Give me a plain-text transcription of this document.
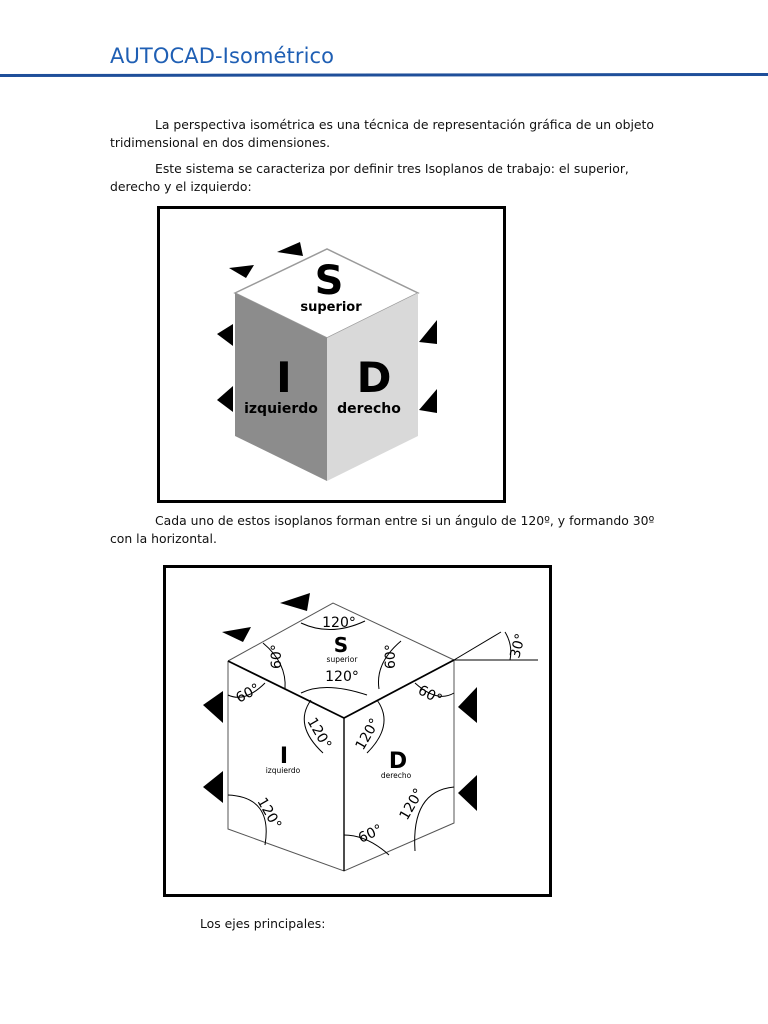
AUTOCAD-Isométrico

La perspectiva isométrica es una técnica de representación gráfica de un objeto tridimensional en dos dimensiones.

Este sistema se caracteriza por definir tres Isoplanos de trabajo: el superior, derecho y el izquierdo:

S
superior
I
izquierdo
D
derecho

Cada uno de estos isoplanos forman entre si un ángulo de 120º, y formando 30º con la horizontal.

120°
120°
60°	60°
60°	60°
120° 120°
120°	120°
60°
30°
S
superior
I
izquierdo	D
derecho

Los ejes principales:
